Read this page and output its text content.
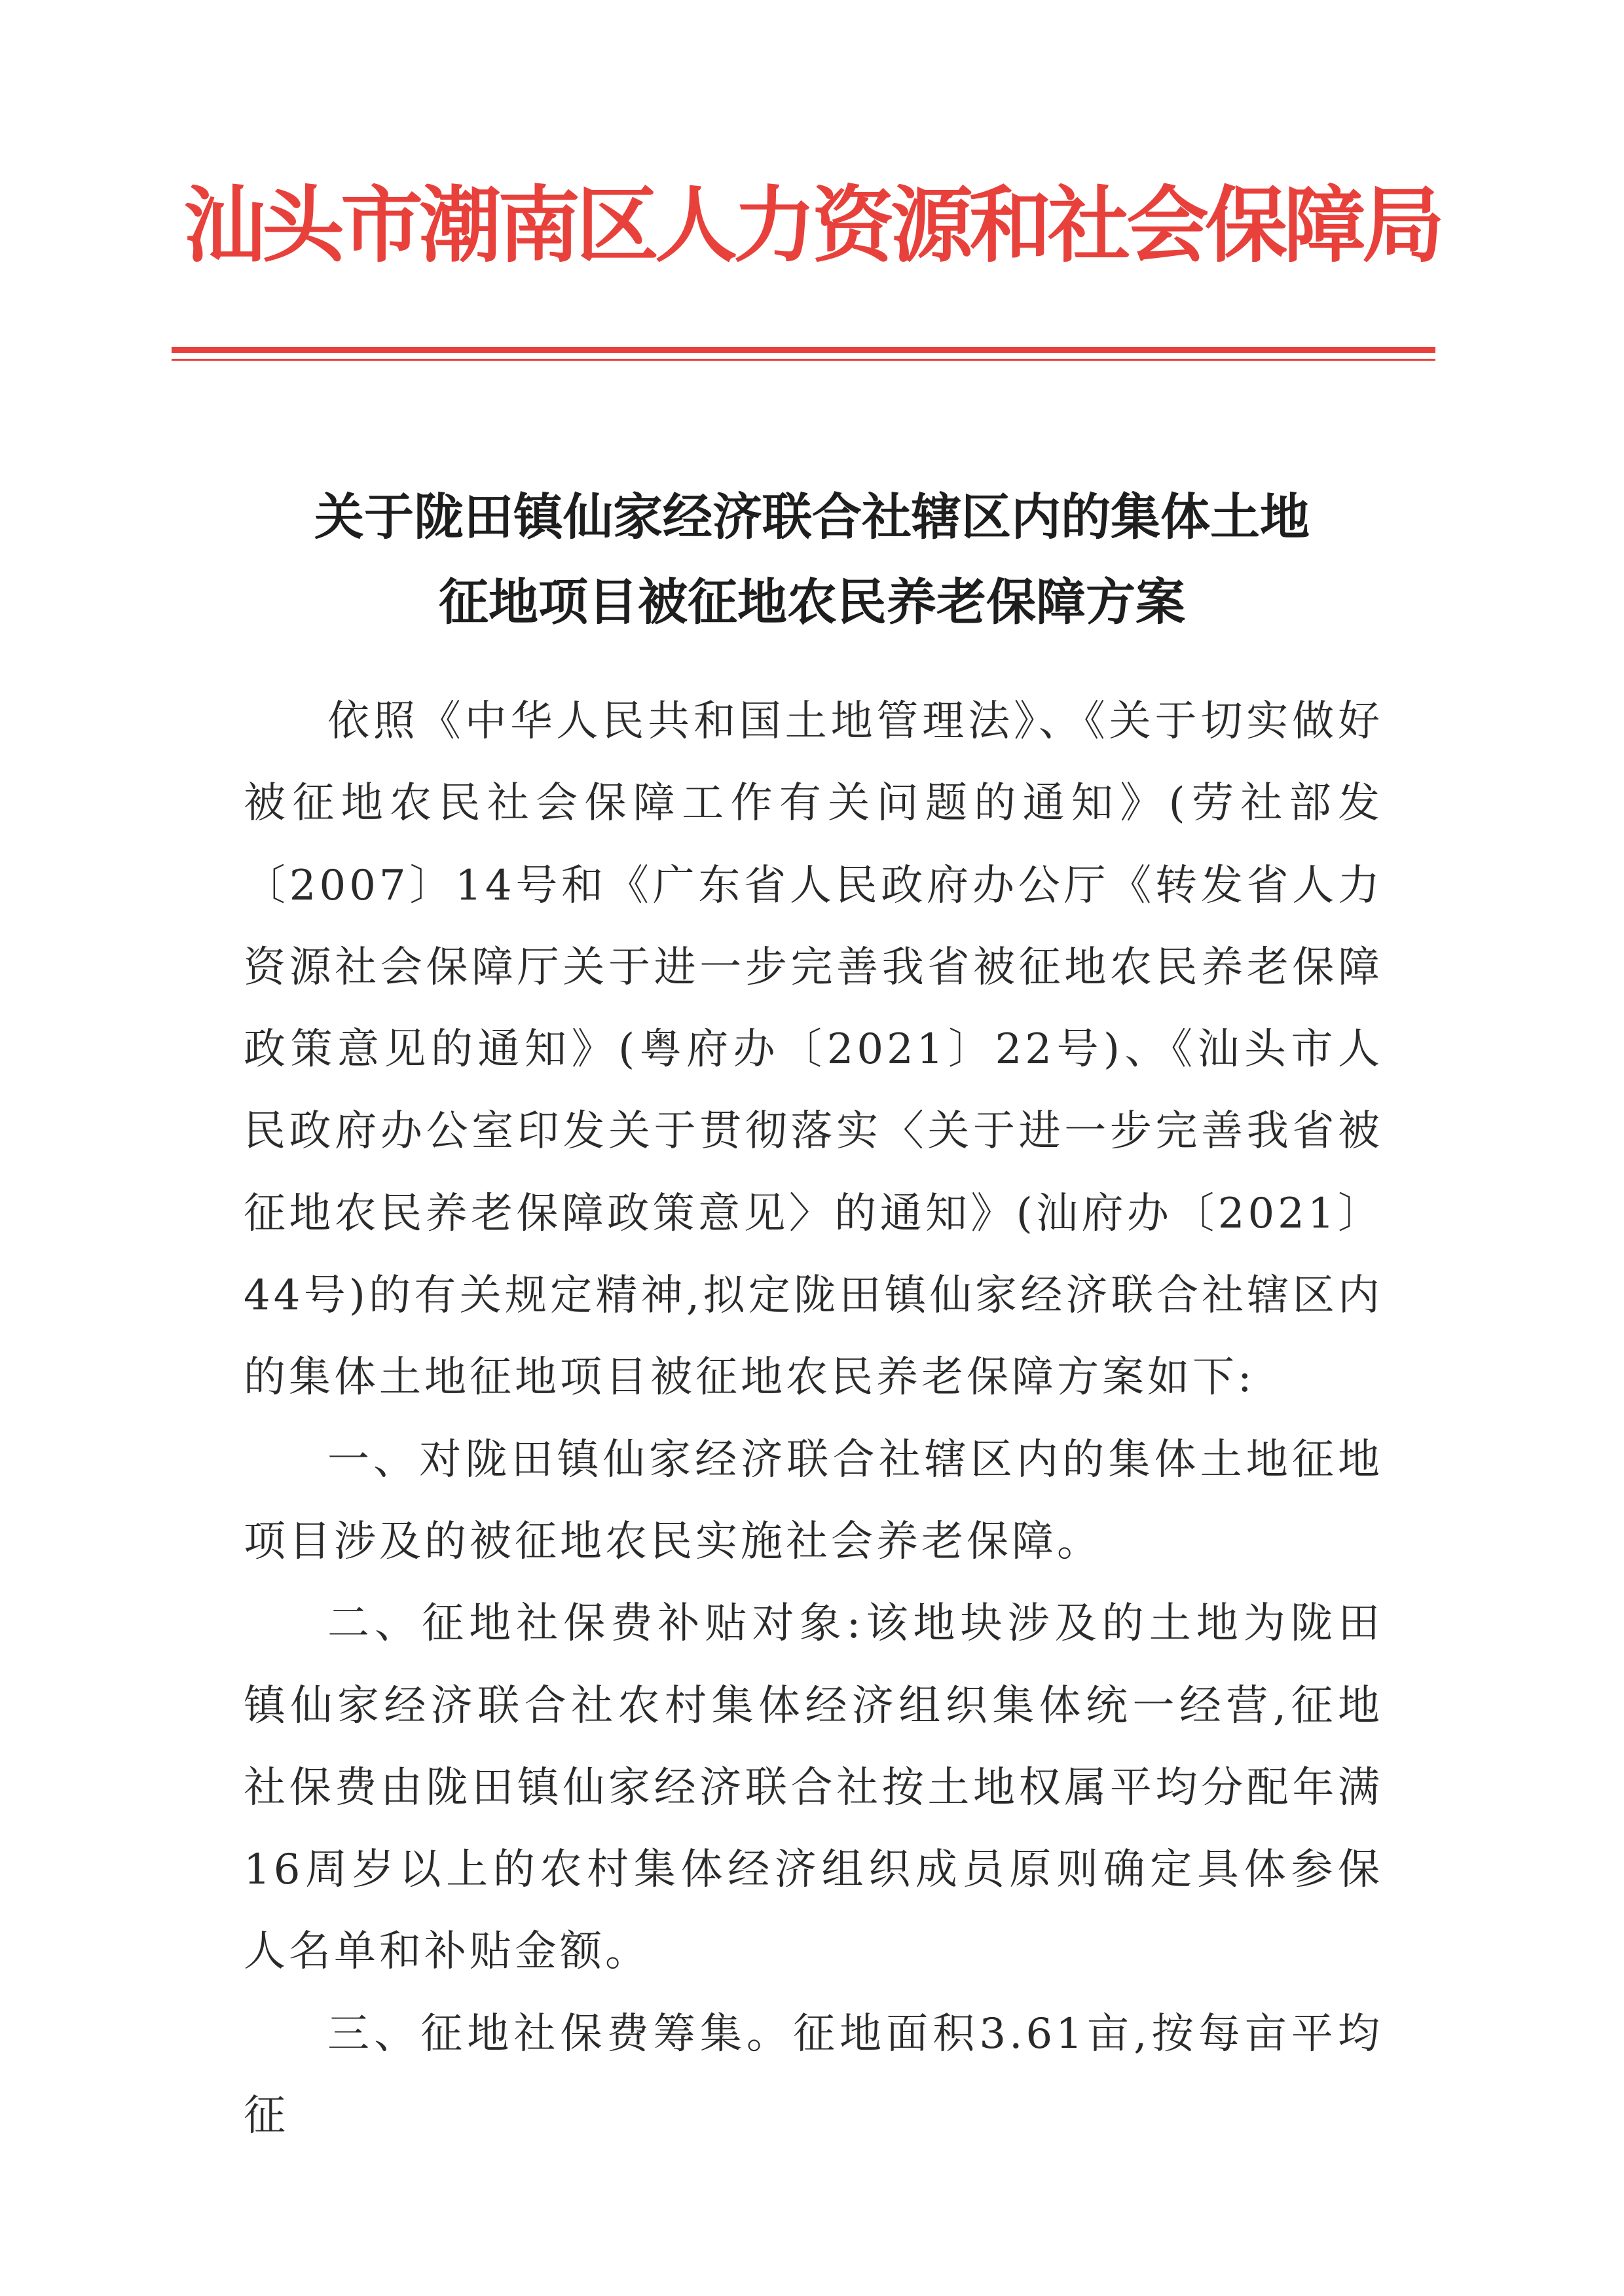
汕头市潮南区人力资源和社会保障局
关于陇田镇仙家经济联合社辖区内的集体土地
征地项目被征地农民养老保障方案

依照《中华人民共和国土地管理法》、《关于切实做好被征地农民社会保障工作有关问题的通知》(劳社部发〔2007〕14号和《广东省人民政府办公厅《转发省人力资源社会保障厅关于进一步完善我省被征地农民养老保障政策意见的通知》(粤府办〔2021〕22号)、《汕头市人民政府办公室印发关于贯彻落实〈关于进一步完善我省被征地农民养老保障政策意见〉的通知》(汕府办〔2021〕44号)的有关规定精神,拟定陇田镇仙家经济联合社辖区内的集体土地征地项目被征地农民养老保障方案如下:

一、对陇田镇仙家经济联合社辖区内的集体土地征地项目涉及的被征地农民实施社会养老保障。

二、征地社保费补贴对象:该地块涉及的土地为陇田镇仙家经济联合社农村集体经济组织集体统一经营,征地社保费由陇田镇仙家经济联合社按土地权属平均分配年满16周岁以上的农村集体经济组织成员原则确定具体参保人名单和补贴金额。

三、征地社保费筹集。征地面积3.61亩,按每亩平均征
